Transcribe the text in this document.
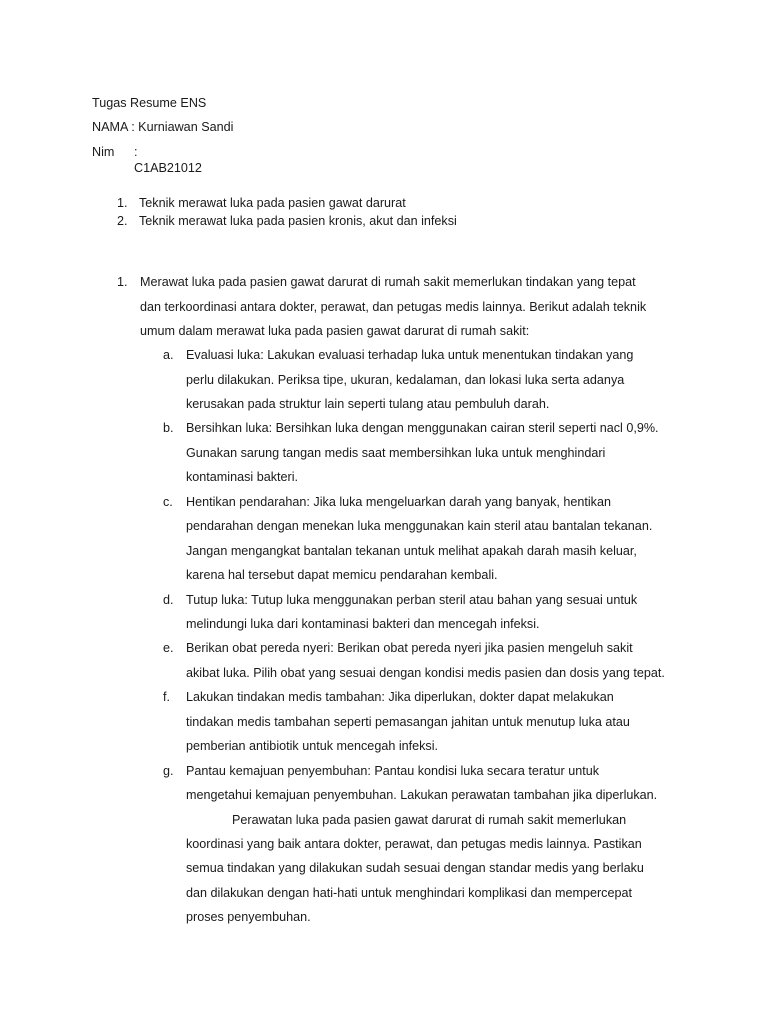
Tugas Resume ENS
NAMA : Kurniawan Sandi
Nim : C1AB21012
1. Teknik merawat luka pada pasien gawat darurat
2. Teknik merawat luka pada pasien kronis, akut dan infeksi
1. Merawat luka pada pasien gawat darurat di rumah sakit memerlukan tindakan yang tepat
dan terkoordinasi antara dokter, perawat, dan petugas medis lainnya. Berikut adalah teknik
umum dalam merawat luka pada pasien gawat darurat di rumah sakit:
a. Evaluasi luka: Lakukan evaluasi terhadap luka untuk menentukan tindakan yang
perlu dilakukan. Periksa tipe, ukuran, kedalaman, dan lokasi luka serta adanya
kerusakan pada struktur lain seperti tulang atau pembuluh darah.
b. Bersihkan luka: Bersihkan luka dengan menggunakan cairan steril seperti nacl 0,9%.
Gunakan sarung tangan medis saat membersihkan luka untuk menghindari
kontaminasi bakteri.
c. Hentikan pendarahan: Jika luka mengeluarkan darah yang banyak, hentikan
pendarahan dengan menekan luka menggunakan kain steril atau bantalan tekanan.
Jangan mengangkat bantalan tekanan untuk melihat apakah darah masih keluar,
karena hal tersebut dapat memicu pendarahan kembali.
d. Tutup luka: Tutup luka menggunakan perban steril atau bahan yang sesuai untuk
melindungi luka dari kontaminasi bakteri dan mencegah infeksi.
e. Berikan obat pereda nyeri: Berikan obat pereda nyeri jika pasien mengeluh sakit
akibat luka. Pilih obat yang sesuai dengan kondisi medis pasien dan dosis yang tepat.
f. Lakukan tindakan medis tambahan: Jika diperlukan, dokter dapat melakukan
tindakan medis tambahan seperti pemasangan jahitan untuk menutup luka atau
pemberian antibiotik untuk mencegah infeksi.
g. Pantau kemajuan penyembuhan: Pantau kondisi luka secara teratur untuk
mengetahui kemajuan penyembuhan. Lakukan perawatan tambahan jika diperlukan.
Perawatan luka pada pasien gawat darurat di rumah sakit memerlukan
koordinasi yang baik antara dokter, perawat, dan petugas medis lainnya. Pastikan
semua tindakan yang dilakukan sudah sesuai dengan standar medis yang berlaku
dan dilakukan dengan hati-hati untuk menghindari komplikasi dan mempercepat
proses penyembuhan.
